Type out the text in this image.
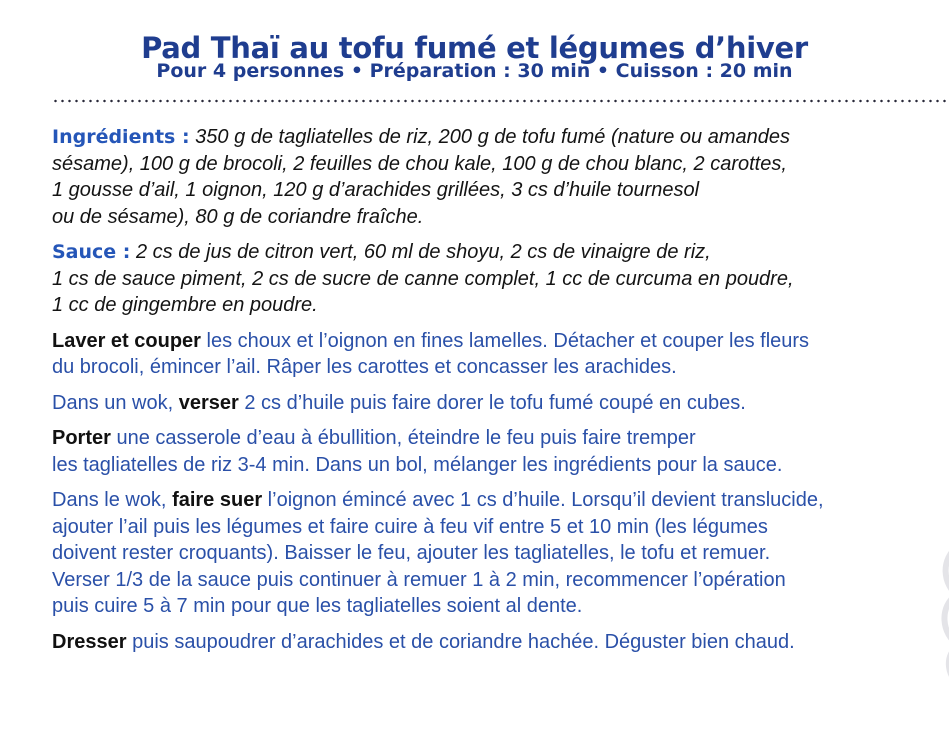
Pad Thaï au tofu fumé et légumes d’hiver
Pour 4 personnes • Préparation : 30 min • Cuisson : 20 min

Ingrédients : 350 g de tagliatelles de riz, 200 g de tofu fumé (nature ou amandes
sésame), 100 g de brocoli, 2 feuilles de chou kale, 100 g de chou blanc, 2 carottes,
1 gousse d’ail, 1 oignon, 120 g d’arachides grillées, 3 cs d’huile tournesol
ou de sésame), 80 g de coriandre fraîche.

Sauce : 2 cs de jus de citron vert, 60 ml de shoyu, 2 cs de vinaigre de riz,
1 cs de sauce piment, 2 cs de sucre de canne complet, 1 cc de curcuma en poudre,
1 cc de gingembre en poudre.

Laver et couper les choux et l’oignon en fines lamelles. Détacher et couper les fleurs
du brocoli, émincer l’ail. Râper les carottes et concasser les arachides.

Dans un wok, verser 2 cs d’huile puis faire dorer le tofu fumé coupé en cubes.

Porter une casserole d’eau à ébullition, éteindre le feu puis faire tremper
les tagliatelles de riz 3-4 min. Dans un bol, mélanger les ingrédients pour la sauce.

Dans le wok, faire suer l’oignon émincé avec 1 cs d’huile. Lorsqu’il devient translucide,
ajouter l’ail puis les légumes et faire cuire à feu vif entre 5 et 10 min (les légumes
doivent rester croquants). Baisser le feu, ajouter les tagliatelles, le tofu et remuer.
Verser 1/3 de la sauce puis continuer à remuer 1 à 2 min, recommencer l’opération
puis cuire 5 à 7 min pour que les tagliatelles soient al dente.

Dresser puis saupoudrer d’arachides et de coriandre hachée. Déguster bien chaud.
